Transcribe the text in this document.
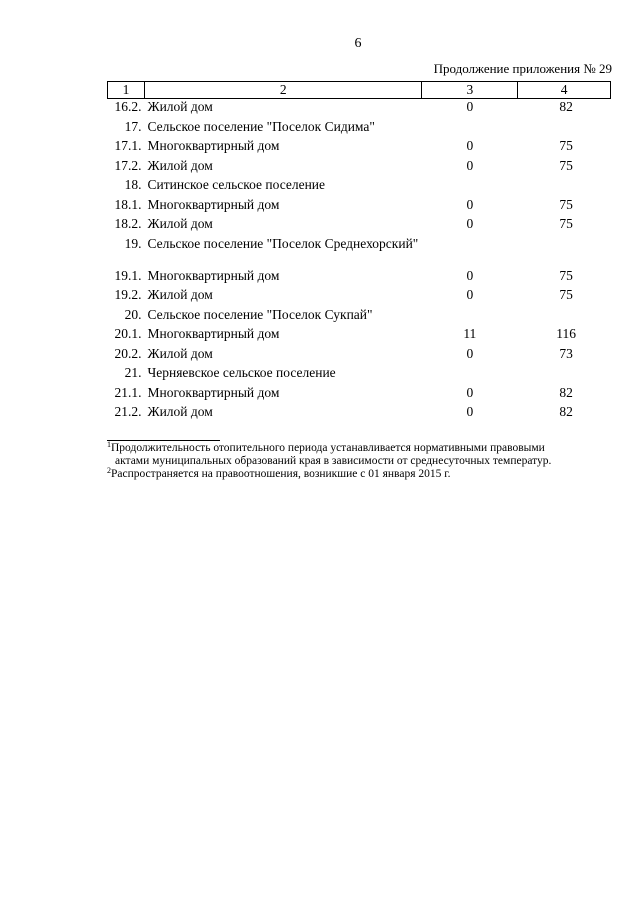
6
Продолжение приложения № 29
1	2	3	4
16.2.	Жилой дом	0	82
17.	Сельское поселение "Поселок Сидима"		
17.1.	Многоквартирный дом	0	75
17.2.	Жилой дом	0	75
18.	Ситинское сельское поселение		
18.1.	Многоквартирный дом	0	75
18.2.	Жилой дом	0	75
19.	Сельское поселение "Поселок Среднехорский"		
19.1.	Многоквартирный дом	0	75
19.2.	Жилой дом	0	75
20.	Сельское поселение "Поселок Сукпай"		
20.1.	Многоквартирный дом	11	116
20.2.	Жилой дом	0	73
21.	Черняевское сельское поселение		
21.1.	Многоквартирный дом	0	82
21.2.	Жилой дом	0	82
$^1$Продолжительность отопительного периода устанавливается нормативными правовыми
актами муниципальных образований края в зависимости от среднесуточных температур.
$^2$Распространяется на правоотношения, возникшие с 01 января 2015 г.
